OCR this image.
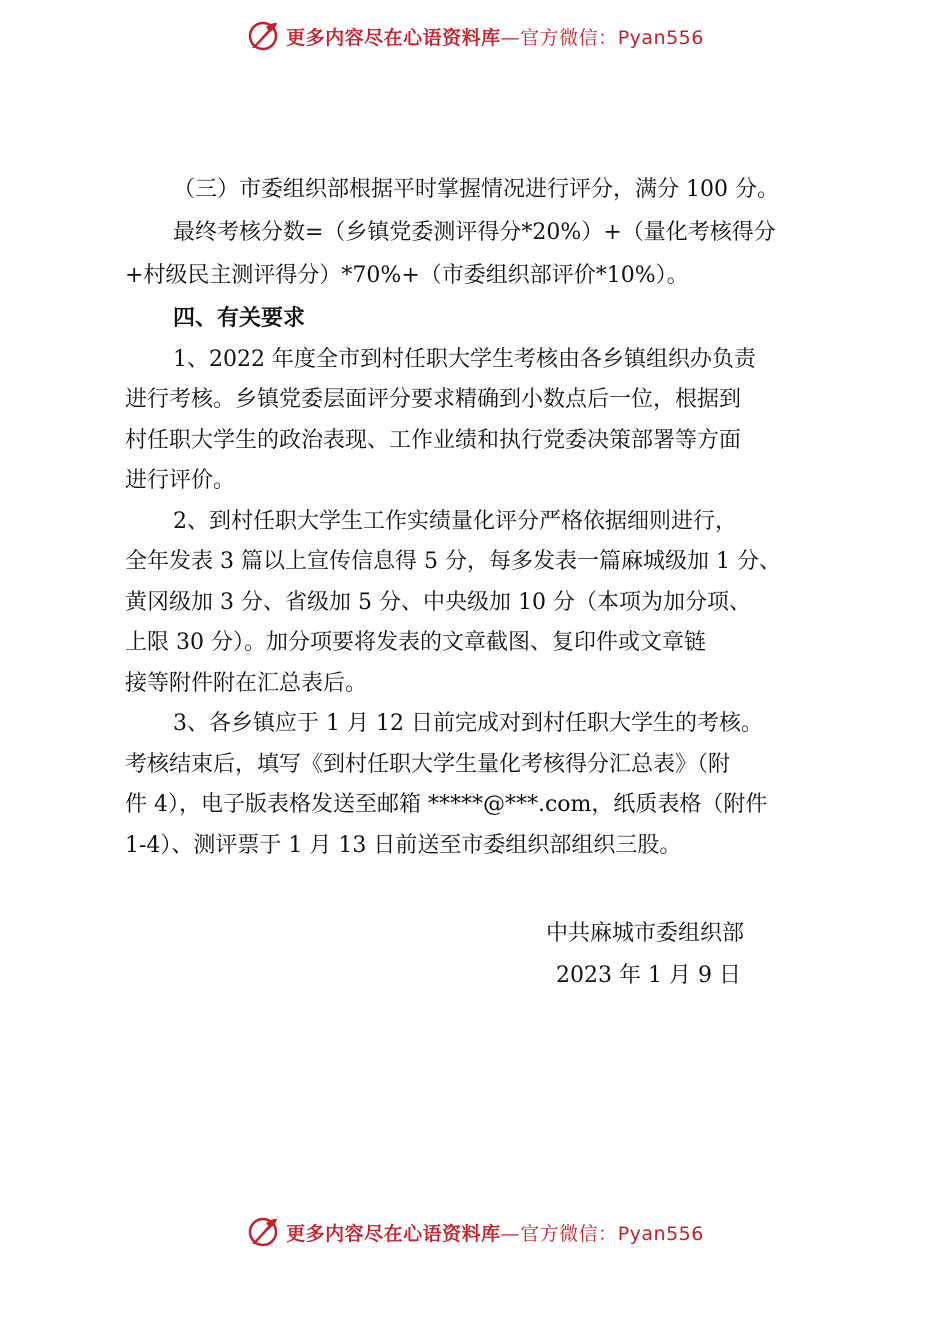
更多内容尽在心语资料库—官方微信：Pyan556
（三）市委组织部根据平时掌握情况进行评分，满分 100 分。
最终考核分数=（乡镇党委测评得分*20%）+（量化考核得分
+村级民主测评得分）*70%+（市委组织部评价*10%）。
四、有关要求
1、2022 年度全市到村任职大学生考核由各乡镇组织办负责
进行考核。乡镇党委层面评分要求精确到小数点后一位，根据到
村任职大学生的政治表现、工作业绩和执行党委决策部署等方面
进行评价。
2、到村任职大学生工作实绩量化评分严格依据细则进行，
全年发表 3 篇以上宣传信息得 5 分，每多发表一篇麻城级加 1 分、
黄冈级加 3 分、省级加 5 分、中央级加 10 分（本项为加分项、
上限 30 分）。加分项要将发表的文章截图、复印件或文章链
接等附件附在汇总表后。
3、各乡镇应于 1 月 12 日前完成对到村任职大学生的考核。
考核结束后，填写《到村任职大学生量化考核得分汇总表》（附
件 4），电子版表格发送至邮箱 *****@***.com，纸质表格（附件
1-4）、测评票于 1 月 13 日前送至市委组织部组织三股。
中共麻城市委组织部
2023 年 1 月 9 日
更多内容尽在心语资料库—官方微信：Pyan556
